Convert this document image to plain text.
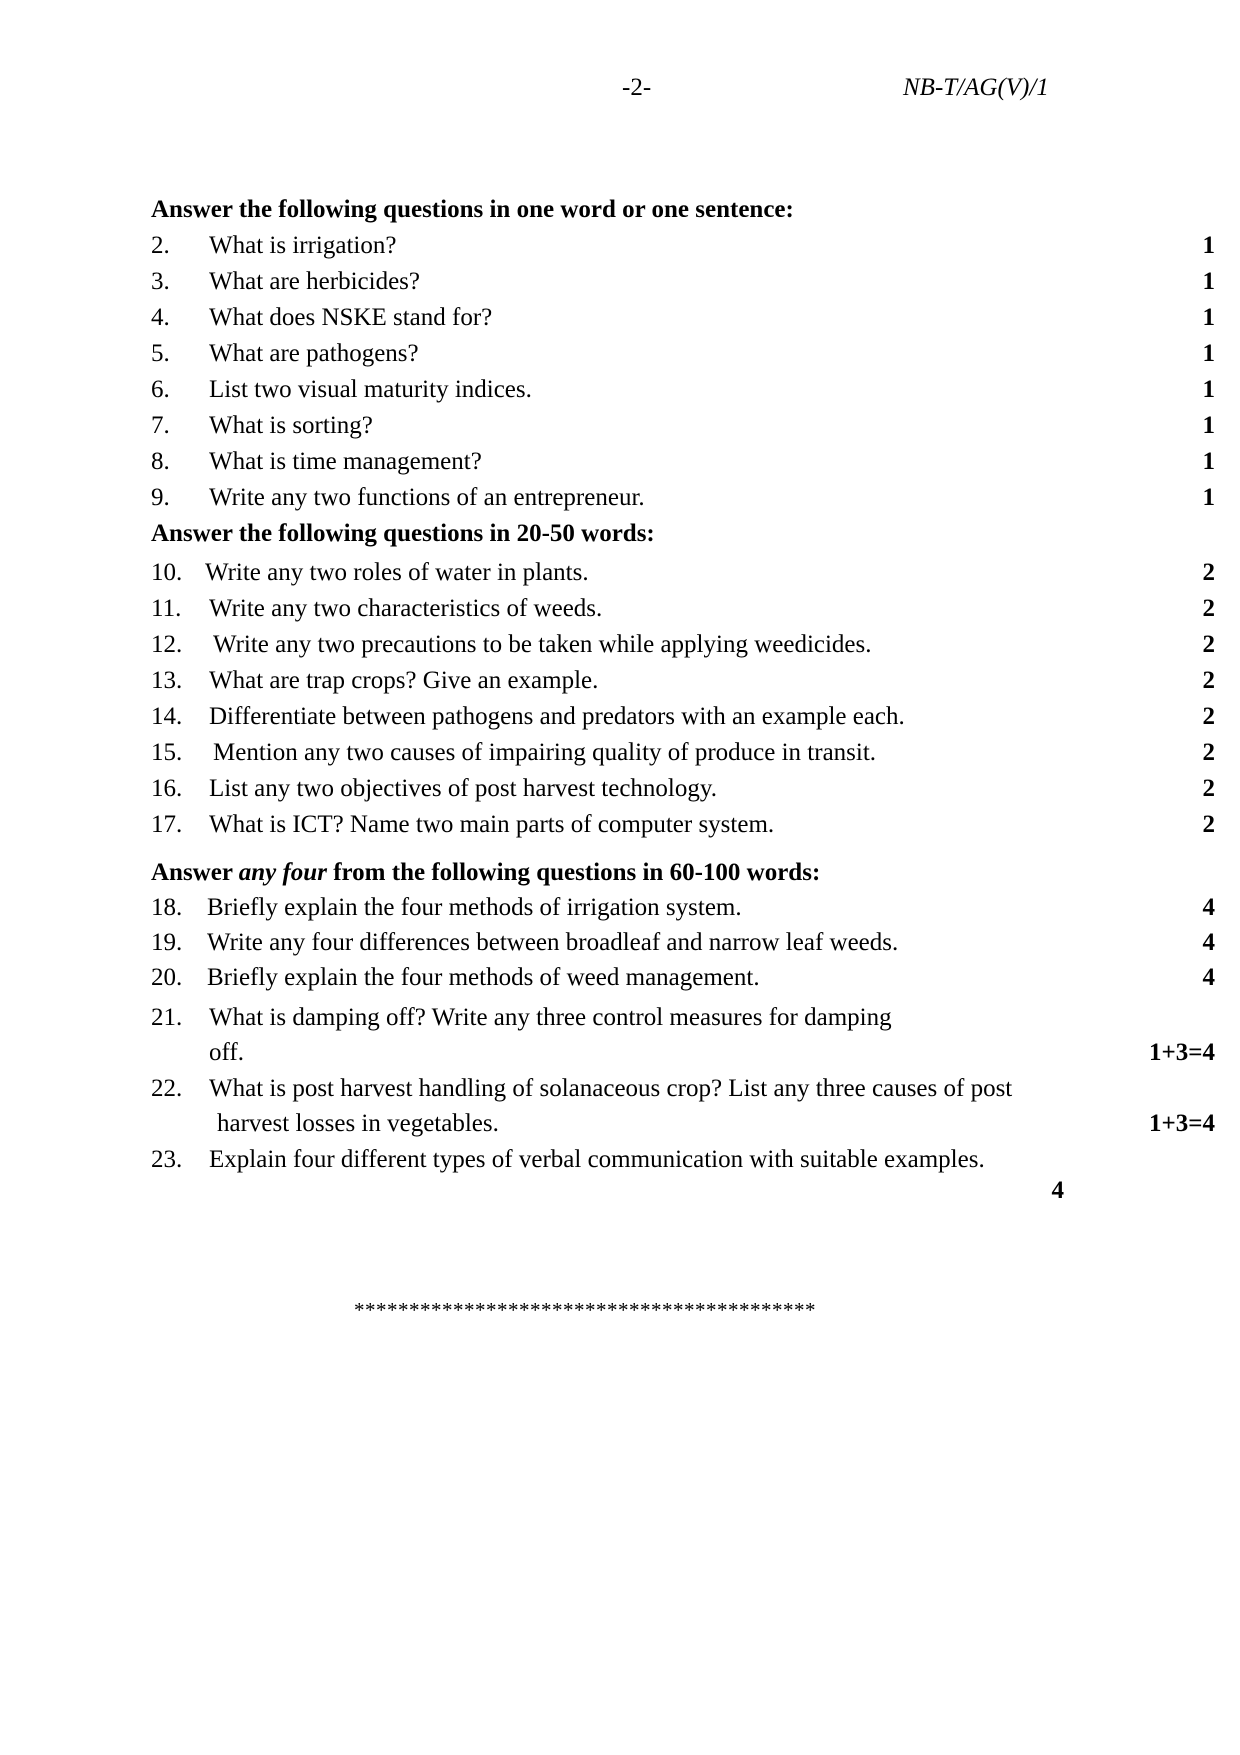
-2-	NB-T/AG(V)/1
Answer the following questions in one word or one sentence:
2. What is irrigation?	1
3. What are herbicides?	1
4. What does NSKE stand for?	1
5. What are pathogens?	1
6. List two visual maturity indices.	1
7. What is sorting?	1
8. What is time management?	1
9. Write any two functions of an entrepreneur.	1
Answer the following questions in 20-50 words:
10. Write any two roles of water in plants.	2
11. Write any two characteristics of weeds.	2
12. Write any two precautions to be taken while applying weedicides.	2
13. What are trap crops? Give an example.	2
14. Differentiate between pathogens and predators with an example each.	2
15. Mention any two causes of impairing quality of produce in transit.	2
16. List any two objectives of post harvest technology.	2
17. What is ICT? Name two main parts of computer system.	2
Answer any four from the following questions in 60-100 words:
18. Briefly explain the four methods of irrigation system.	4
19. Write any four differences between broadleaf and narrow leaf weeds.	4
20. Briefly explain the four methods of weed management.	4
21. What is damping off? Write any three control measures for damping
off.	1+3=4
22. What is post harvest handling of solanaceous crop? List any three causes of post
harvest losses in vegetables.	1+3=4
23. Explain four different types of verbal communication with suitable examples.
4
******************************************
